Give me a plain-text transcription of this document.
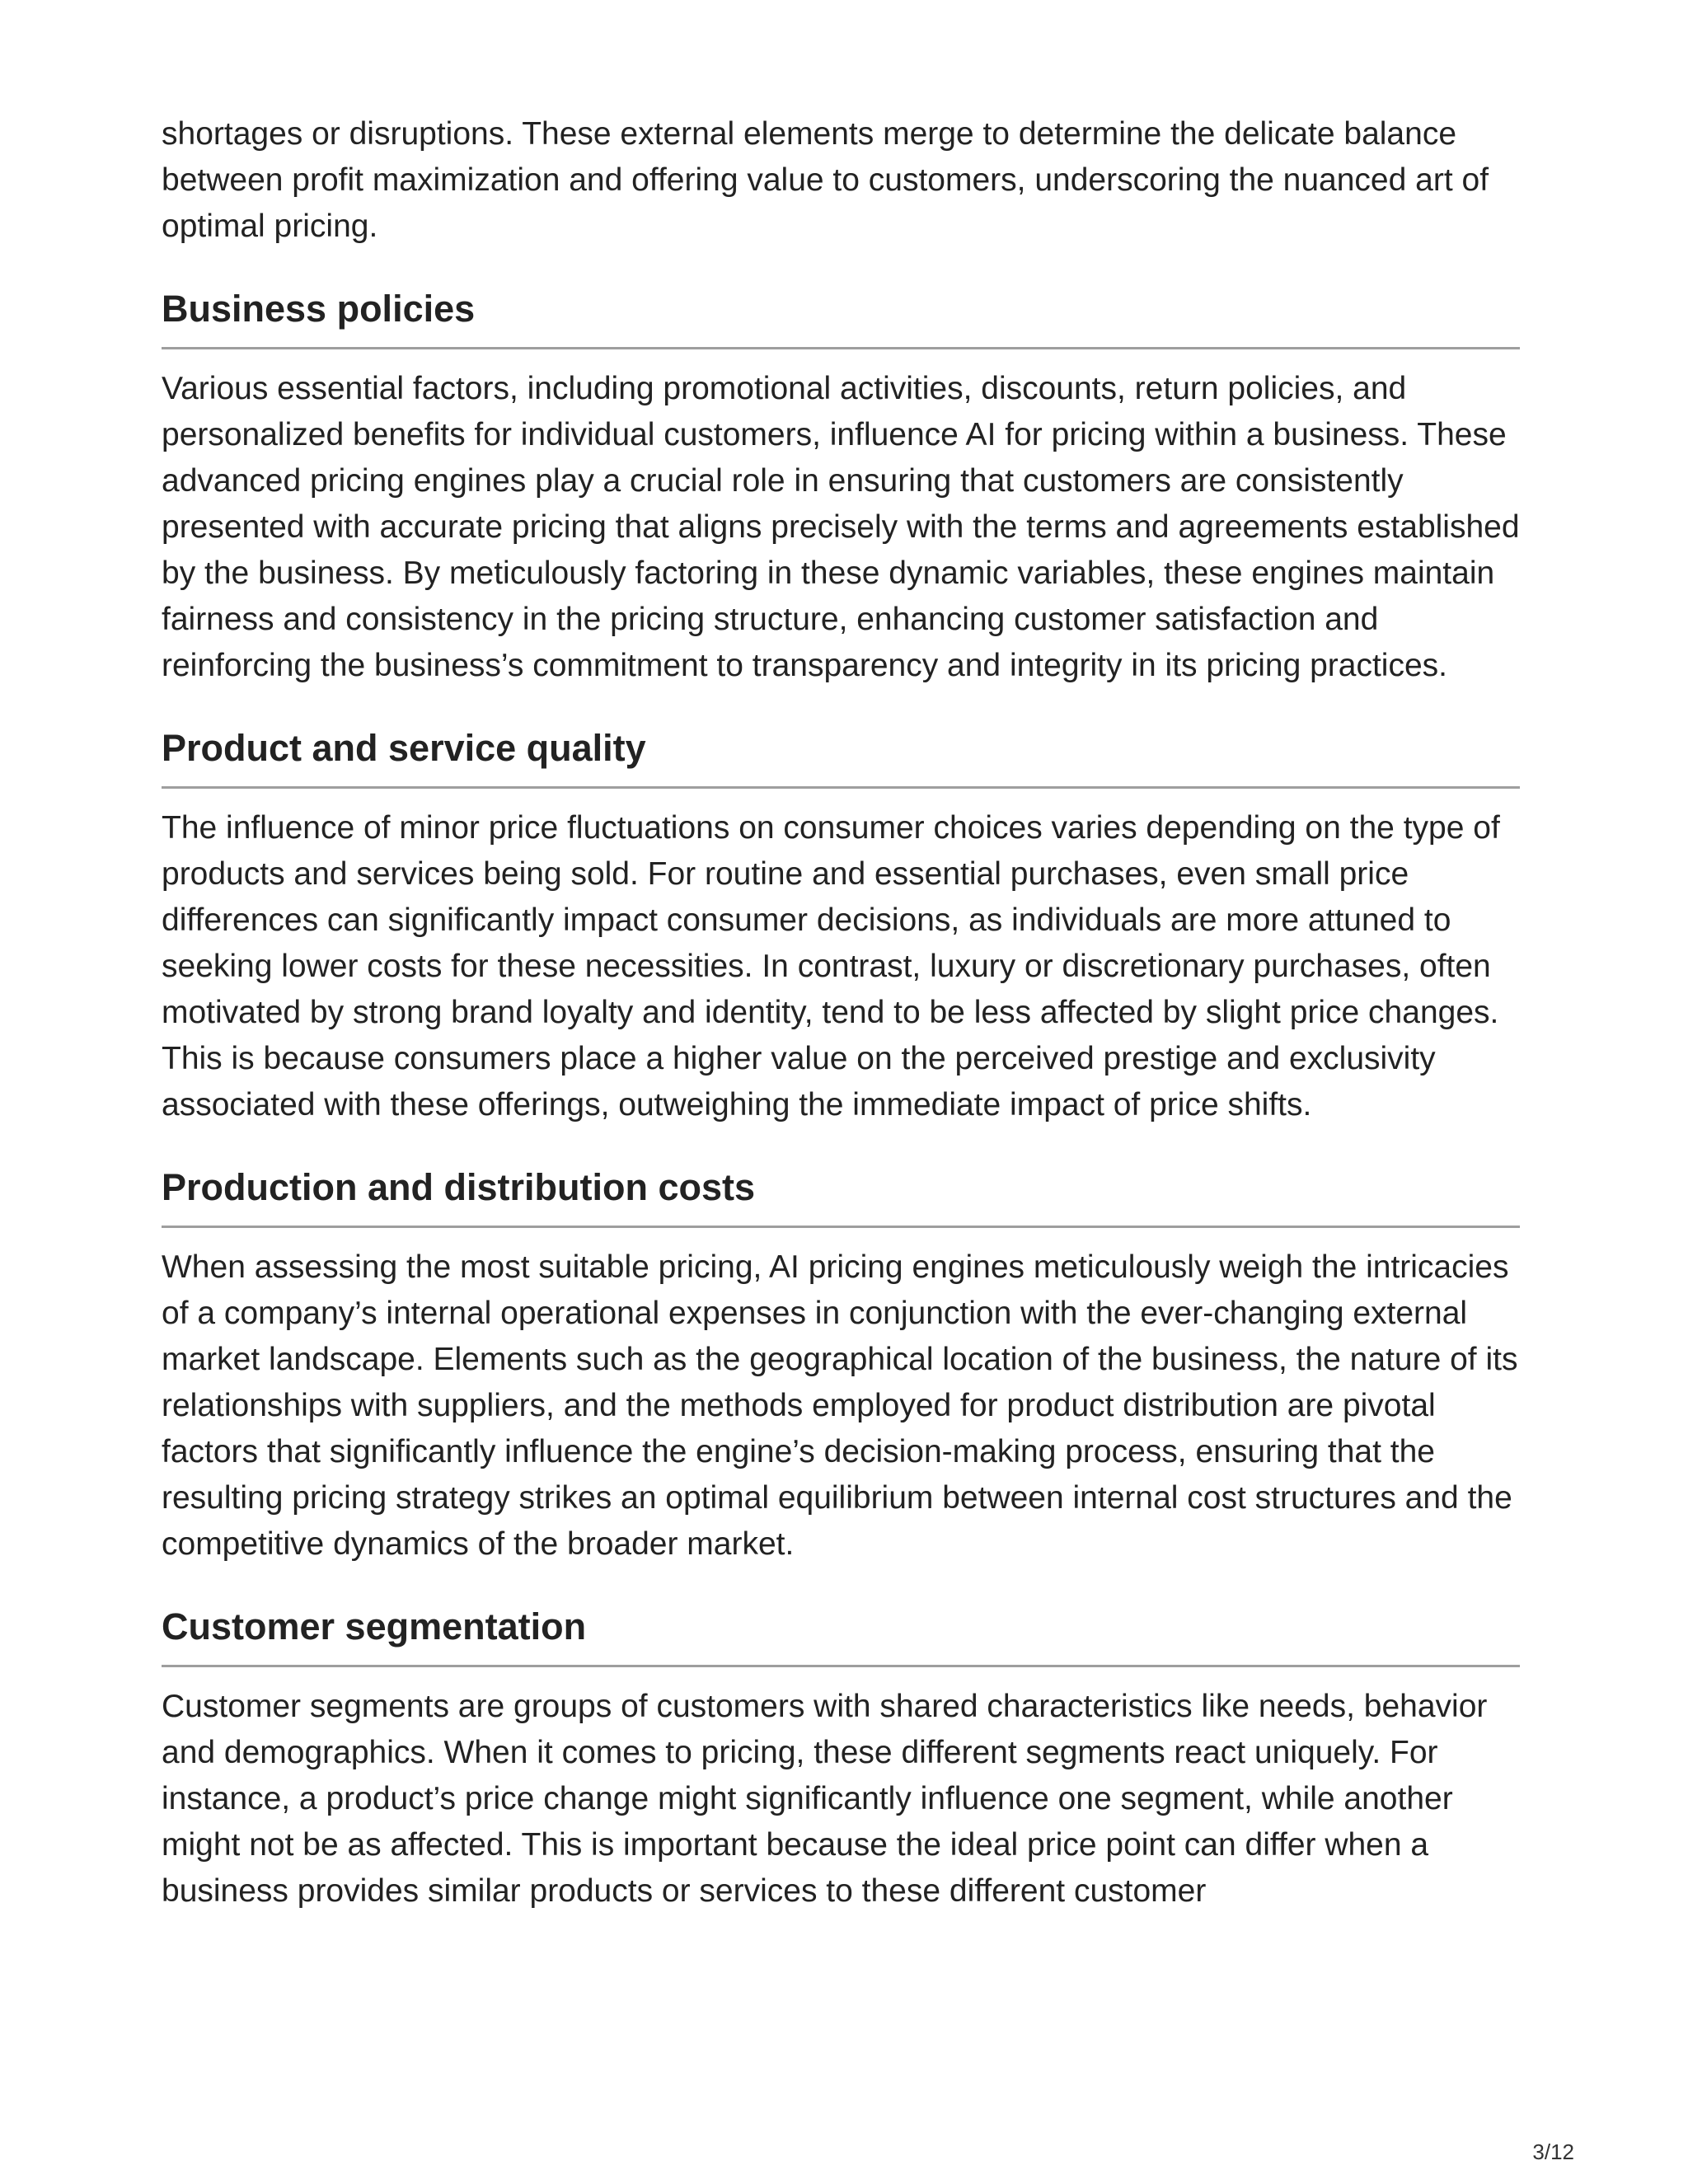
shortages or disruptions. These external elements merge to determine the delicate balance between profit maximization and offering value to customers, underscoring the nuanced art of optimal pricing.

Business policies

Various essential factors, including promotional activities, discounts, return policies, and personalized benefits for individual customers, influence AI for pricing within a business. These advanced pricing engines play a crucial role in ensuring that customers are consistently presented with accurate pricing that aligns precisely with the terms and agreements established by the business. By meticulously factoring in these dynamic variables, these engines maintain fairness and consistency in the pricing structure, enhancing customer satisfaction and reinforcing the business’s commitment to transparency and integrity in its pricing practices.

Product and service quality

The influence of minor price fluctuations on consumer choices varies depending on the type of products and services being sold. For routine and essential purchases, even small price differences can significantly impact consumer decisions, as individuals are more attuned to seeking lower costs for these necessities. In contrast, luxury or discretionary purchases, often motivated by strong brand loyalty and identity, tend to be less affected by slight price changes. This is because consumers place a higher value on the perceived prestige and exclusivity associated with these offerings, outweighing the immediate impact of price shifts.

Production and distribution costs

When assessing the most suitable pricing, AI pricing engines meticulously weigh the intricacies of a company’s internal operational expenses in conjunction with the ever-changing external market landscape. Elements such as the geographical location of the business, the nature of its relationships with suppliers, and the methods employed for product distribution are pivotal factors that significantly influence the engine’s decision-making process, ensuring that the resulting pricing strategy strikes an optimal equilibrium between internal cost structures and the competitive dynamics of the broader market.

Customer segmentation

Customer segments are groups of customers with shared characteristics like needs, behavior and demographics. When it comes to pricing, these different segments react uniquely. For instance, a product’s price change might significantly influence one segment, while another might not be as affected. This is important because the ideal price point can differ when a business provides similar products or services to these different customer

3/12
